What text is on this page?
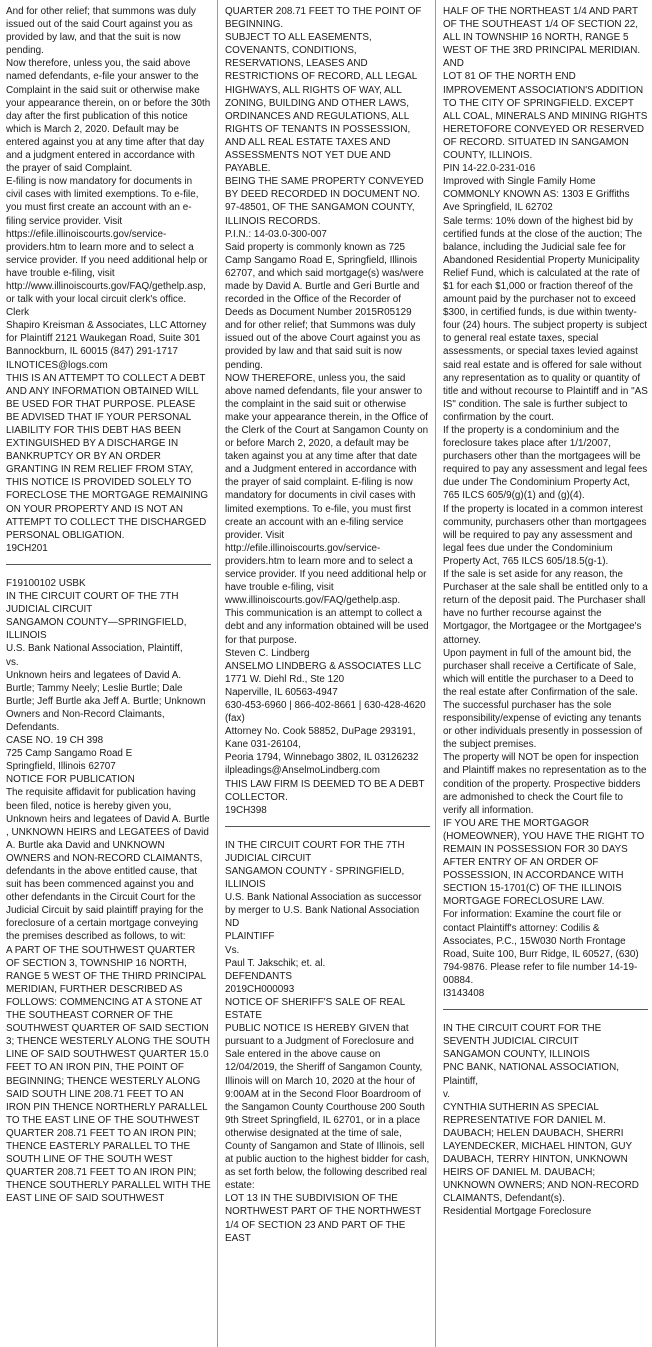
And for other relief; that summons was duly issued out of the said Court against you as provided by law, and that the suit is now pending.
Now therefore, unless you, the said above named defendants, e-file your answer to the Complaint in the said suit or otherwise make your appearance therein, on or before the 30th day after the first publication of this notice which is March 2, 2020. Default may be entered against you at any time after that day and a judgment entered in accordance with the prayer of said Complaint.
E-filing is now mandatory for documents in civil cases with limited exemptions. To e-file, you must first create an account with an e-filing service provider. Visit https://efile.illinoiscourts.gov/service-providers.htm to learn more and to select a service provider. If you need additional help or have trouble e-filing, visit http://www.illinoiscourts.gov/FAQ/gethelp.asp, or talk with your local circuit clerk's office.
Clerk
Shapiro Kreisman & Associates, LLC Attorney for Plaintiff 2121 Waukegan Road, Suite 301 Bannockburn, IL 60015 (847) 291-1717 ILNOTICES@logs.com
THIS IS AN ATTEMPT TO COLLECT A DEBT AND ANY INFORMATION OBTAINED WILL BE USED FOR THAT PURPOSE. PLEASE BE ADVISED THAT IF YOUR PERSONAL LIABILITY FOR THIS DEBT HAS BEEN EXTINGUISHED BY A DISCHARGE IN BANKRUPTCY OR BY AN ORDER GRANTING IN REM RELIEF FROM STAY, THIS NOTICE IS PROVIDED SOLELY TO FORECLOSE THE MORTGAGE REMAINING ON YOUR PROPERTY AND IS NOT AN ATTEMPT TO COLLECT THE DISCHARGED PERSONAL OBLIGATION.
19CH201
F19100102 USBK
IN THE CIRCUIT COURT OF THE 7TH JUDICIAL CIRCUIT
SANGAMON COUNTY—SPRINGFIELD, ILLINOIS
U.S. Bank National Association, Plaintiff,
vs.
Unknown heirs and legatees of David A. Burtle; Tammy Neely; Leslie Burtle; Dale Burtle; Jeff Burtle aka Jeff A. Burtle; Unknown Owners and Non-Record Claimants, Defendants.
CASE NO. 19 CH 398
725 Camp Sangamo Road E
Springfield, Illinois 62707
NOTICE FOR PUBLICATION
The requisite affidavit for publication having been filed, notice is hereby given you, Unknown heirs and legatees of David A. Burtle , UNKNOWN HEIRS and LEGATEES of David A. Burtle aka David and UNKNOWN OWNERS and NON-RECORD CLAIMANTS, defendants in the above entitled cause, that suit has been commenced against you and other defendants in the Circuit Court for the Judicial Circuit by said plaintiff praying for the foreclosure of a certain mortgage conveying the premises described as follows, to wit:
A PART OF THE SOUTHWEST QUARTER OF SECTION 3, TOWNSHIP 16 NORTH, RANGE 5 WEST OF THE THIRD PRINCIPAL MERIDIAN, FURTHER DESCRIBED AS FOLLOWS: COMMENCING AT A STONE AT THE SOUTHEAST CORNER OF THE SOUTHWEST QUARTER OF SAID SECTION 3; THENCE WESTERLY ALONG THE SOUTH LINE OF SAID SOUTHWEST QUARTER 15.0 FEET TO AN IRON PIN, THE POINT OF BEGINNING; THENCE WESTERLY ALONG SAID SOUTH LINE 208.71 FEET TO AN IRON PIN THENCE NORTHERLY PARALLEL TO THE EAST LINE OF THE SOUTHWEST QUARTER 208.71 FEET TO AN IRON PIN; THENCE EASTERLY PARALLEL TO THE SOUTH LINE OF THE SOUTH WEST QUARTER 208.71 FEET TO AN IRON PIN; THENCE SOUTHERLY PARALLEL WITH THE EAST LINE OF SAID SOUTHWEST
QUARTER 208.71 FEET TO THE POINT OF BEGINNING.
SUBJECT TO ALL EASEMENTS, COVENANTS, CONDITIONS, RESERVATIONS, LEASES AND RESTRICTIONS OF RECORD, ALL LEGAL HIGHWAYS, ALL RIGHTS OF WAY, ALL ZONING, BUILDING AND OTHER LAWS, ORDINANCES AND REGULATIONS, ALL RIGHTS OF TENANTS IN POSSESSION, AND ALL REAL ESTATE TAXES AND ASSESSMENTS NOT YET DUE AND PAYABLE.
BEING THE SAME PROPERTY CONVEYED BY DEED RECORDED IN DOCUMENT NO. 97-48501, OF THE SANGAMON COUNTY, ILLINOIS RECORDS.
P.I.N.: 14-03.0-300-007
Said property is commonly known as 725 Camp Sangamo Road E, Springfield, Illinois 62707, and which said mortgage(s) was/were made by David A. Burtle and Geri Burtle and recorded in the Office of the Recorder of Deeds as Document Number 2015R05129 and for other relief; that Summons was duly issued out of the above Court against you as provided by law and that said suit is now pending.
NOW THEREFORE, unless you, the said above named defendants, file your answer to the complaint in the said suit or otherwise make your appearance therein, in the Office of the Clerk of the Court at Sangamon County on or before March 2, 2020, a default may be taken against you at any time after that date and a Judgment entered in accordance with the prayer of said complaint. E-filing is now mandatory for documents in civil cases with limited exemptions. To e-file, you must first create an account with an e-filing service provider. Visit http://efile.illinoiscourts.gov/service-providers.htm to learn more and to select a service provider. If you need additional help or have trouble e-filing, visit www.illinoiscourts.gov/FAQ/gethelp.asp.
This communication is an attempt to collect a debt and any information obtained will be used for that purpose.
Steven C. Lindberg
ANSELMO LINDBERG & ASSOCIATES LLC
1771 W. Diehl Rd., Ste 120
Naperville, IL 60563-4947
630-453-6960 | 866-402-8661 | 630-428-4620 (fax)
Attorney No. Cook 58852, DuPage 293191, Kane 031-26104,
Peoria 1794, Winnebago 3802, IL 03126232
ilpleadings@AnselmoLindberg.com
THIS LAW FIRM IS DEEMED TO BE A DEBT COLLECTOR.
19CH398
IN THE CIRCUIT COURT FOR THE 7TH JUDICIAL CIRCUIT
SANGAMON COUNTY - SPRINGFIELD, ILLINOIS
U.S. Bank National Association as successor by merger to U.S. Bank National Association ND
PLAINTIFF
Vs.
Paul T. Jakschik; et. al.
DEFENDANTS
2019CH000093
NOTICE OF SHERIFF'S SALE OF REAL ESTATE
PUBLIC NOTICE IS HEREBY GIVEN that pursuant to a Judgment of Foreclosure and Sale entered in the above cause on 12/04/2019, the Sheriff of Sangamon County, Illinois will on March 10, 2020 at the hour of 9:00AM at in the Second Floor Boardroom of the Sangamon County Courthouse 200 South 9th Street Springfield, IL 62701, or in a place otherwise designated at the time of sale, County of Sangamon and State of Illinois, sell at public auction to the highest bidder for cash, as set forth below, the following described real estate:
LOT 13 IN THE SUBDIVISION OF THE NORTHWEST PART OF THE NORTHWEST 1/4 OF SECTION 23 AND PART OF THE EAST
HALF OF THE NORTHEAST 1/4 AND PART OF THE SOUTHEAST 1/4 OF SECTION 22, ALL IN TOWNSHIP 16 NORTH, RANGE 5 WEST OF THE 3RD PRINCIPAL MERIDIAN.
AND
LOT 81 OF THE NORTH END IMPROVEMENT ASSOCIATION'S ADDITION TO THE CITY OF SPRINGFIELD. EXCEPT ALL COAL, MINERALS AND MINING RIGHTS HERETOFORE CONVEYED OR RESERVED OF RECORD. SITUATED IN SANGAMON COUNTY, ILLINOIS.
PIN 14-22.0-231-016
Improved with Single Family Home
COMMONLY KNOWN AS: 1303 E Griffiths Ave Springfield, IL 62702
Sale terms: 10% down of the highest bid by certified funds at the close of the auction; The balance, including the Judicial sale fee for Abandoned Residential Property Municipality Relief Fund, which is calculated at the rate of $1 for each $1,000 or fraction thereof of the amount paid by the purchaser not to exceed $300, in certified funds, is due within twenty-four (24) hours. The subject property is subject to general real estate taxes, special assessments, or special taxes levied against said real estate and is offered for sale without any representation as to quality or quantity of title and without recourse to Plaintiff and in "AS IS" condition. The sale is further subject to confirmation by the court.
If the property is a condominium and the foreclosure takes place after 1/1/2007, purchasers other than the mortgagees will be required to pay any assessment and legal fees due under The Condominium Property Act, 765 ILCS 605/9(g)(1) and (g)(4).
If the property is located in a common interest community, purchasers other than mortgagees will be required to pay any assessment and legal fees due under the Condominium Property Act, 765 ILCS 605/18.5(g-1).
If the sale is set aside for any reason, the Purchaser at the sale shall be entitled only to a return of the deposit paid. The Purchaser shall have no further recourse against the Mortgagor, the Mortgagee or the Mortgagee's attorney.
Upon payment in full of the amount bid, the purchaser shall receive a Certificate of Sale, which will entitle the purchaser to a Deed to the real estate after Confirmation of the sale. The successful purchaser has the sole responsibility/expense of evicting any tenants or other individuals presently in possession of the subject premises.
The property will NOT be open for inspection and Plaintiff makes no representation as to the condition of the property. Prospective bidders are admonished to check the Court file to verify all information.
IF YOU ARE THE MORTGAGOR (HOMEOWNER), YOU HAVE THE RIGHT TO REMAIN IN POSSESSION FOR 30 DAYS AFTER ENTRY OF AN ORDER OF POSSESSION, IN ACCORDANCE WITH SECTION 15-1701(C) OF THE ILLINOIS MORTGAGE FORECLOSURE LAW.
For information: Examine the court file or contact Plaintiff's attorney: Codilis & Associates, P.C., 15W030 North Frontage Road, Suite 100, Burr Ridge, IL 60527, (630) 794-9876. Please refer to file number 14-19-00884.
I3143408
IN THE CIRCUIT COURT FOR THE SEVENTH JUDICIAL CIRCUIT
SANGAMON COUNTY, ILLINOIS
PNC BANK, NATIONAL ASSOCIATION, Plaintiff,
v.
CYNTHIA SUTHERIN AS SPECIAL REPRESENTATIVE FOR DANIEL M. DAUBACH; HELEN DAUBACH, SHERRI LAYENDECKER, MICHAEL HINTON, GUY DAUBACH, TERRY HINTON, UNKNOWN HEIRS OF DANIEL M. DAUBACH; UNKNOWN OWNERS; AND NON-RECORD CLAIMANTS, Defendant(s).
Residential Mortgage Foreclosure
